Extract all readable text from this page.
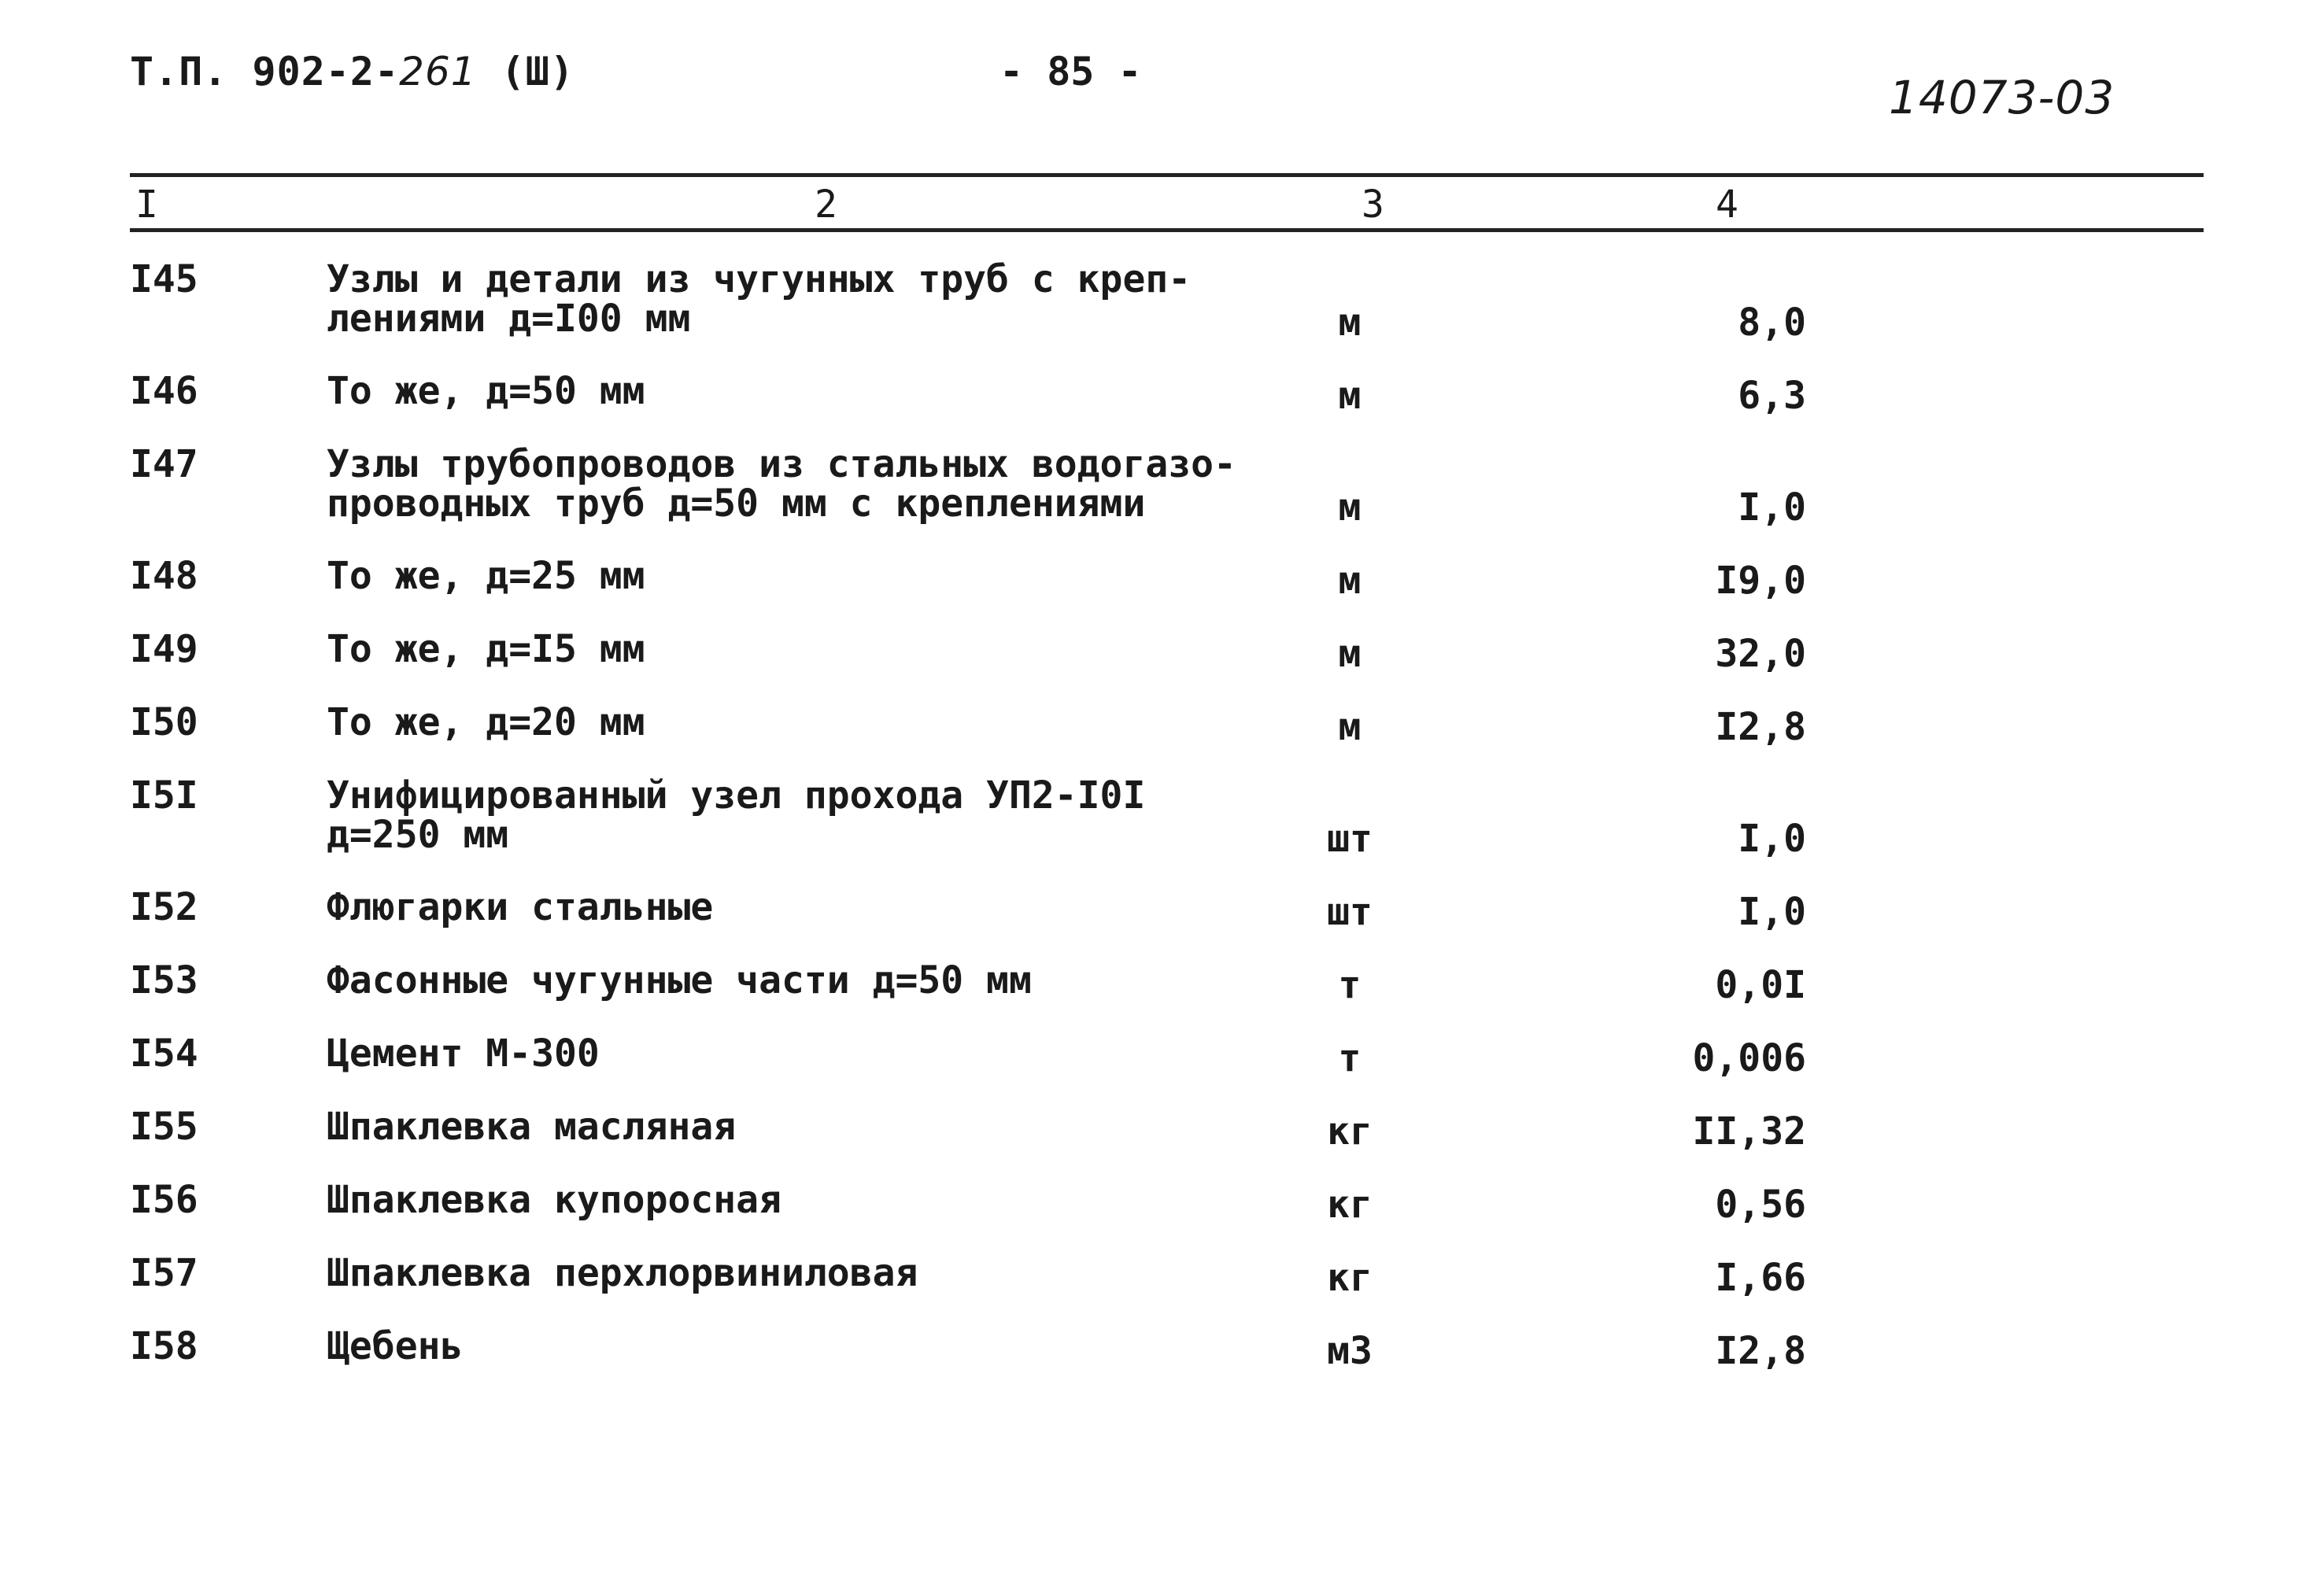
Т.П. 902-2-261 (Ш)	- 85 -	14073-03
I	2	3	4
I45	Узлы и детали из чугунных труб с креп-
лениями д=I00 мм	м	8,0
I46	То же, д=50 мм	м	6,3
I47	Узлы трубопроводов из стальных водогазо-
проводных труб д=50 мм с креплениями	м	I,0
I48	То же, д=25 мм	м	I9,0
I49	То же, д=I5 мм	м	32,0
I50	То же, д=20 мм	м	I2,8
I5I	Унифицированный узел прохода УП2-I0I
д=250 мм	шт	I,0
I52	Флюгарки стальные	шт	I,0
I53	Фасонные чугунные части д=50 мм	т	0,0I
I54	Цемент М-300	т	0,006
I55	Шпаклевка масляная	кг	II,32
I56	Шпаклевка купоросная	кг	0,56
I57	Шпаклевка перхлорвиниловая	кг	I,66
I58	Щебень	м3	I2,8
